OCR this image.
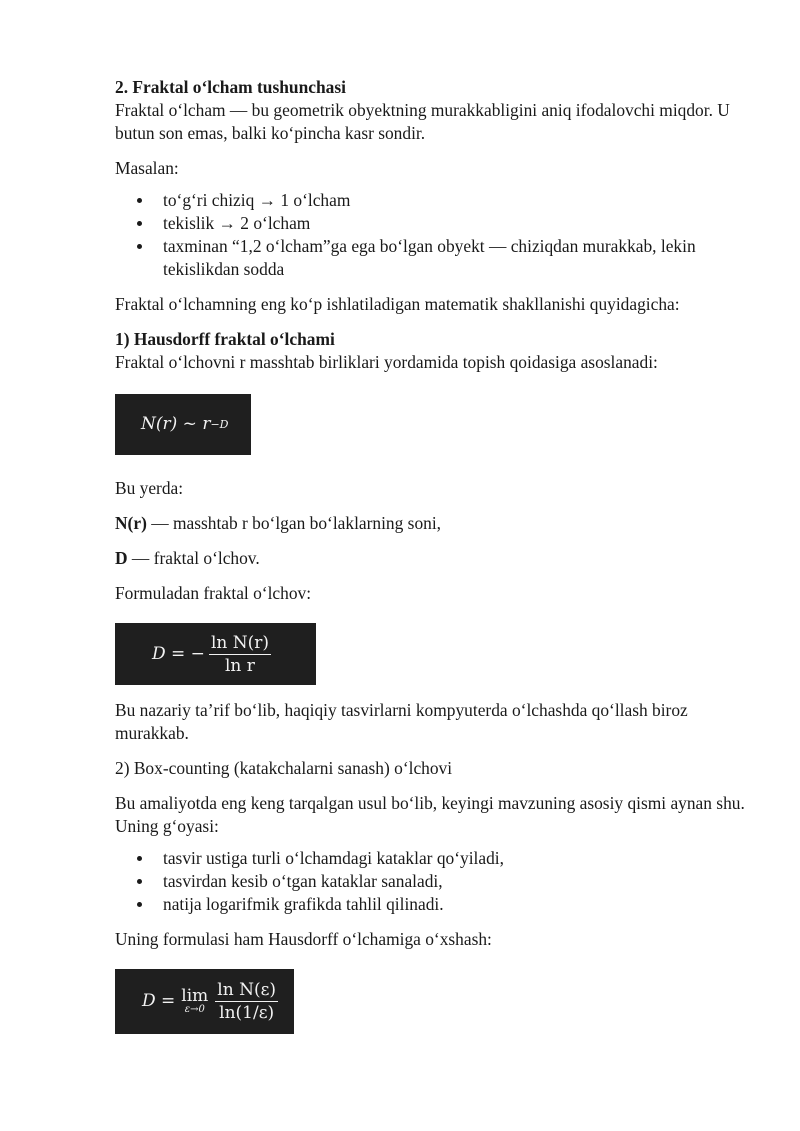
2. Fraktal o‘lcham tushunchasi

Fraktal o‘lcham — bu geometrik obyektning murakkabligini aniq ifodalovchi miqdor. U butun son emas, balki ko‘pincha kasr sondir.

Masalan:

to‘g‘ri chiziq → 1 o‘lcham
tekislik → 2 o‘lcham
taxminan “1,2 o‘lcham”ga ega bo‘lgan obyekt — chiziqdan murakkab, lekin tekislikdan sodda

Fraktal o‘lchamning eng ko‘p ishlatiladigan matematik shakllanishi quyidagicha:

1) Hausdorff fraktal o‘lchami

Fraktal o‘lchovni r masshtab birliklari yordamida topish qoidasiga asoslanadi:

N(r) ~ r −D

Bu yerda:

N(r) — masshtab r bo‘lgan bo‘laklarning soni,

D — fraktal o‘lchov.

Formuladan fraktal o‘lchov:

D = − $\frac{\text{ln N(r)}}{\text{ln r}}$

Bu nazariy ta’rif bo‘lib, haqiqiy tasvirlarni kompyuterda o‘lchashda qo‘llash biroz murakkab.

2) Box-counting (katakchalarni sanash) o‘lchovi

Bu amaliyotda eng keng tarqalgan usul bo‘lib, keyingi mavzuning asosiy qismi aynan shu. Uning g‘oyasi:

tasvir ustiga turli o‘lchamdagi kataklar qo‘yiladi,
tasvirdan kesib o‘tgan kataklar sanaladi,
natija logarifmik grafikda tahlil qilinadi.

Uning formulasi ham Hausdorff o‘lchamiga o‘xshash:

D = lim
$\varepsilon\to 0 \frac{\text{ln N(ε)}}{\ln(1/\varepsilon)}$
